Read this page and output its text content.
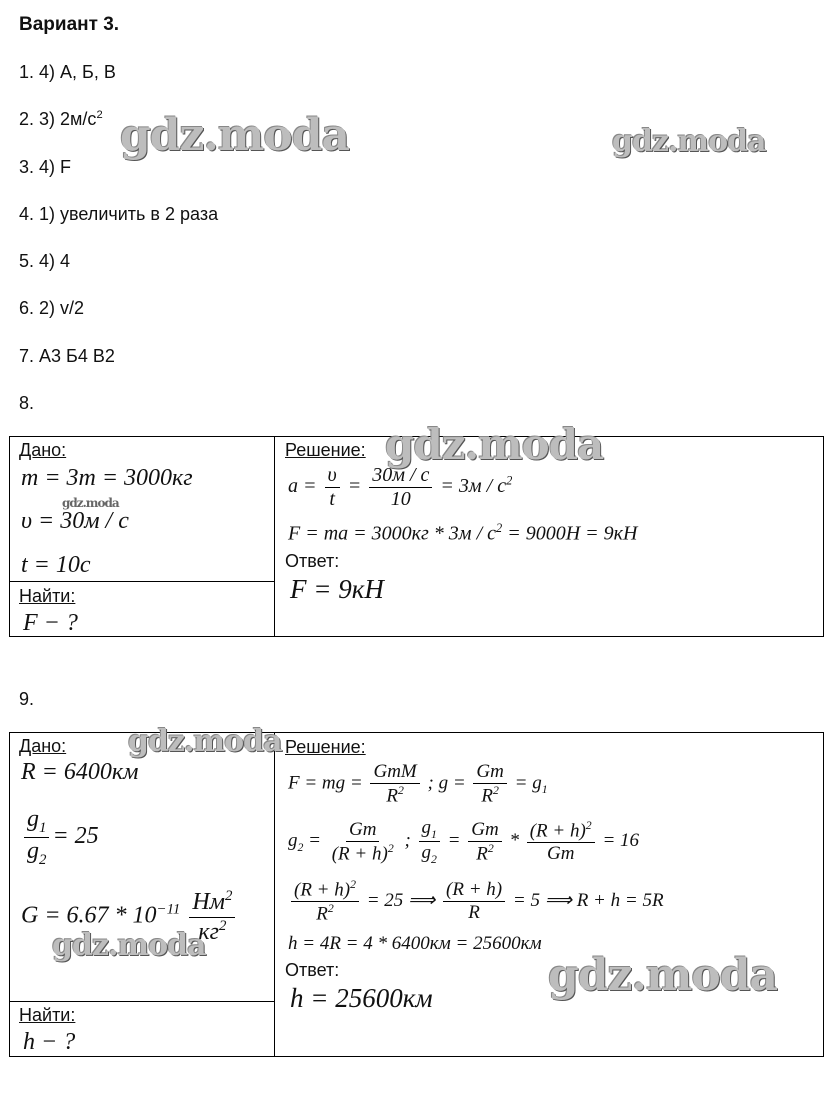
Вариант 3.
1. 4) А, Б, В
2. 3) $2м/с^2$
3. 4) F
4. 1) увеличить в 2 раза
5. 4) 4
6. 2) v/2
7. А3 Б4 В2
8.
Дано:
m = 3т = 3000кг
υ = 30м / с
t = 10c
Найти:
F − ?
Решение:
$a = \frac{\upsilon}{t} = \frac{30м / с}{10} = 3м / с^2$
F = ma = $3000кг * 3м / с^2 = 9000Н = 9кН$
Ответ:
F = 9кН
9.
Дано:
R = 6400км
$\frac{g_1}{g_2} = 25$
$G = 6.67 * 10^{-11} \frac{Нм^2}{кг^2}$
Найти:
h − ?
Решение:
F = mg = $\frac{\text{GmM}}{R^2}$ ; $g = \frac{Gm}{R^2} = g_1$
$g_2 = \frac{Gm}{(R + h)^2}$ ; $\frac{g_1}{g_2} = \frac{Gm}{R^2} * \frac{(R + h)^2}{Gm} = 16$
$\frac{(R + h)^2}{R^2} = 25$ ⟹ $\frac{(R + h)}{R} = 5$ ⟹ R + h = 5R
h = 4R = 4 * 6400км = 25600км
Ответ:
h = 25600км
gdz.moda	gdz.moda
gdz.moda
gdz.moda
gdz.moda
gdz.moda
gdz.moda
